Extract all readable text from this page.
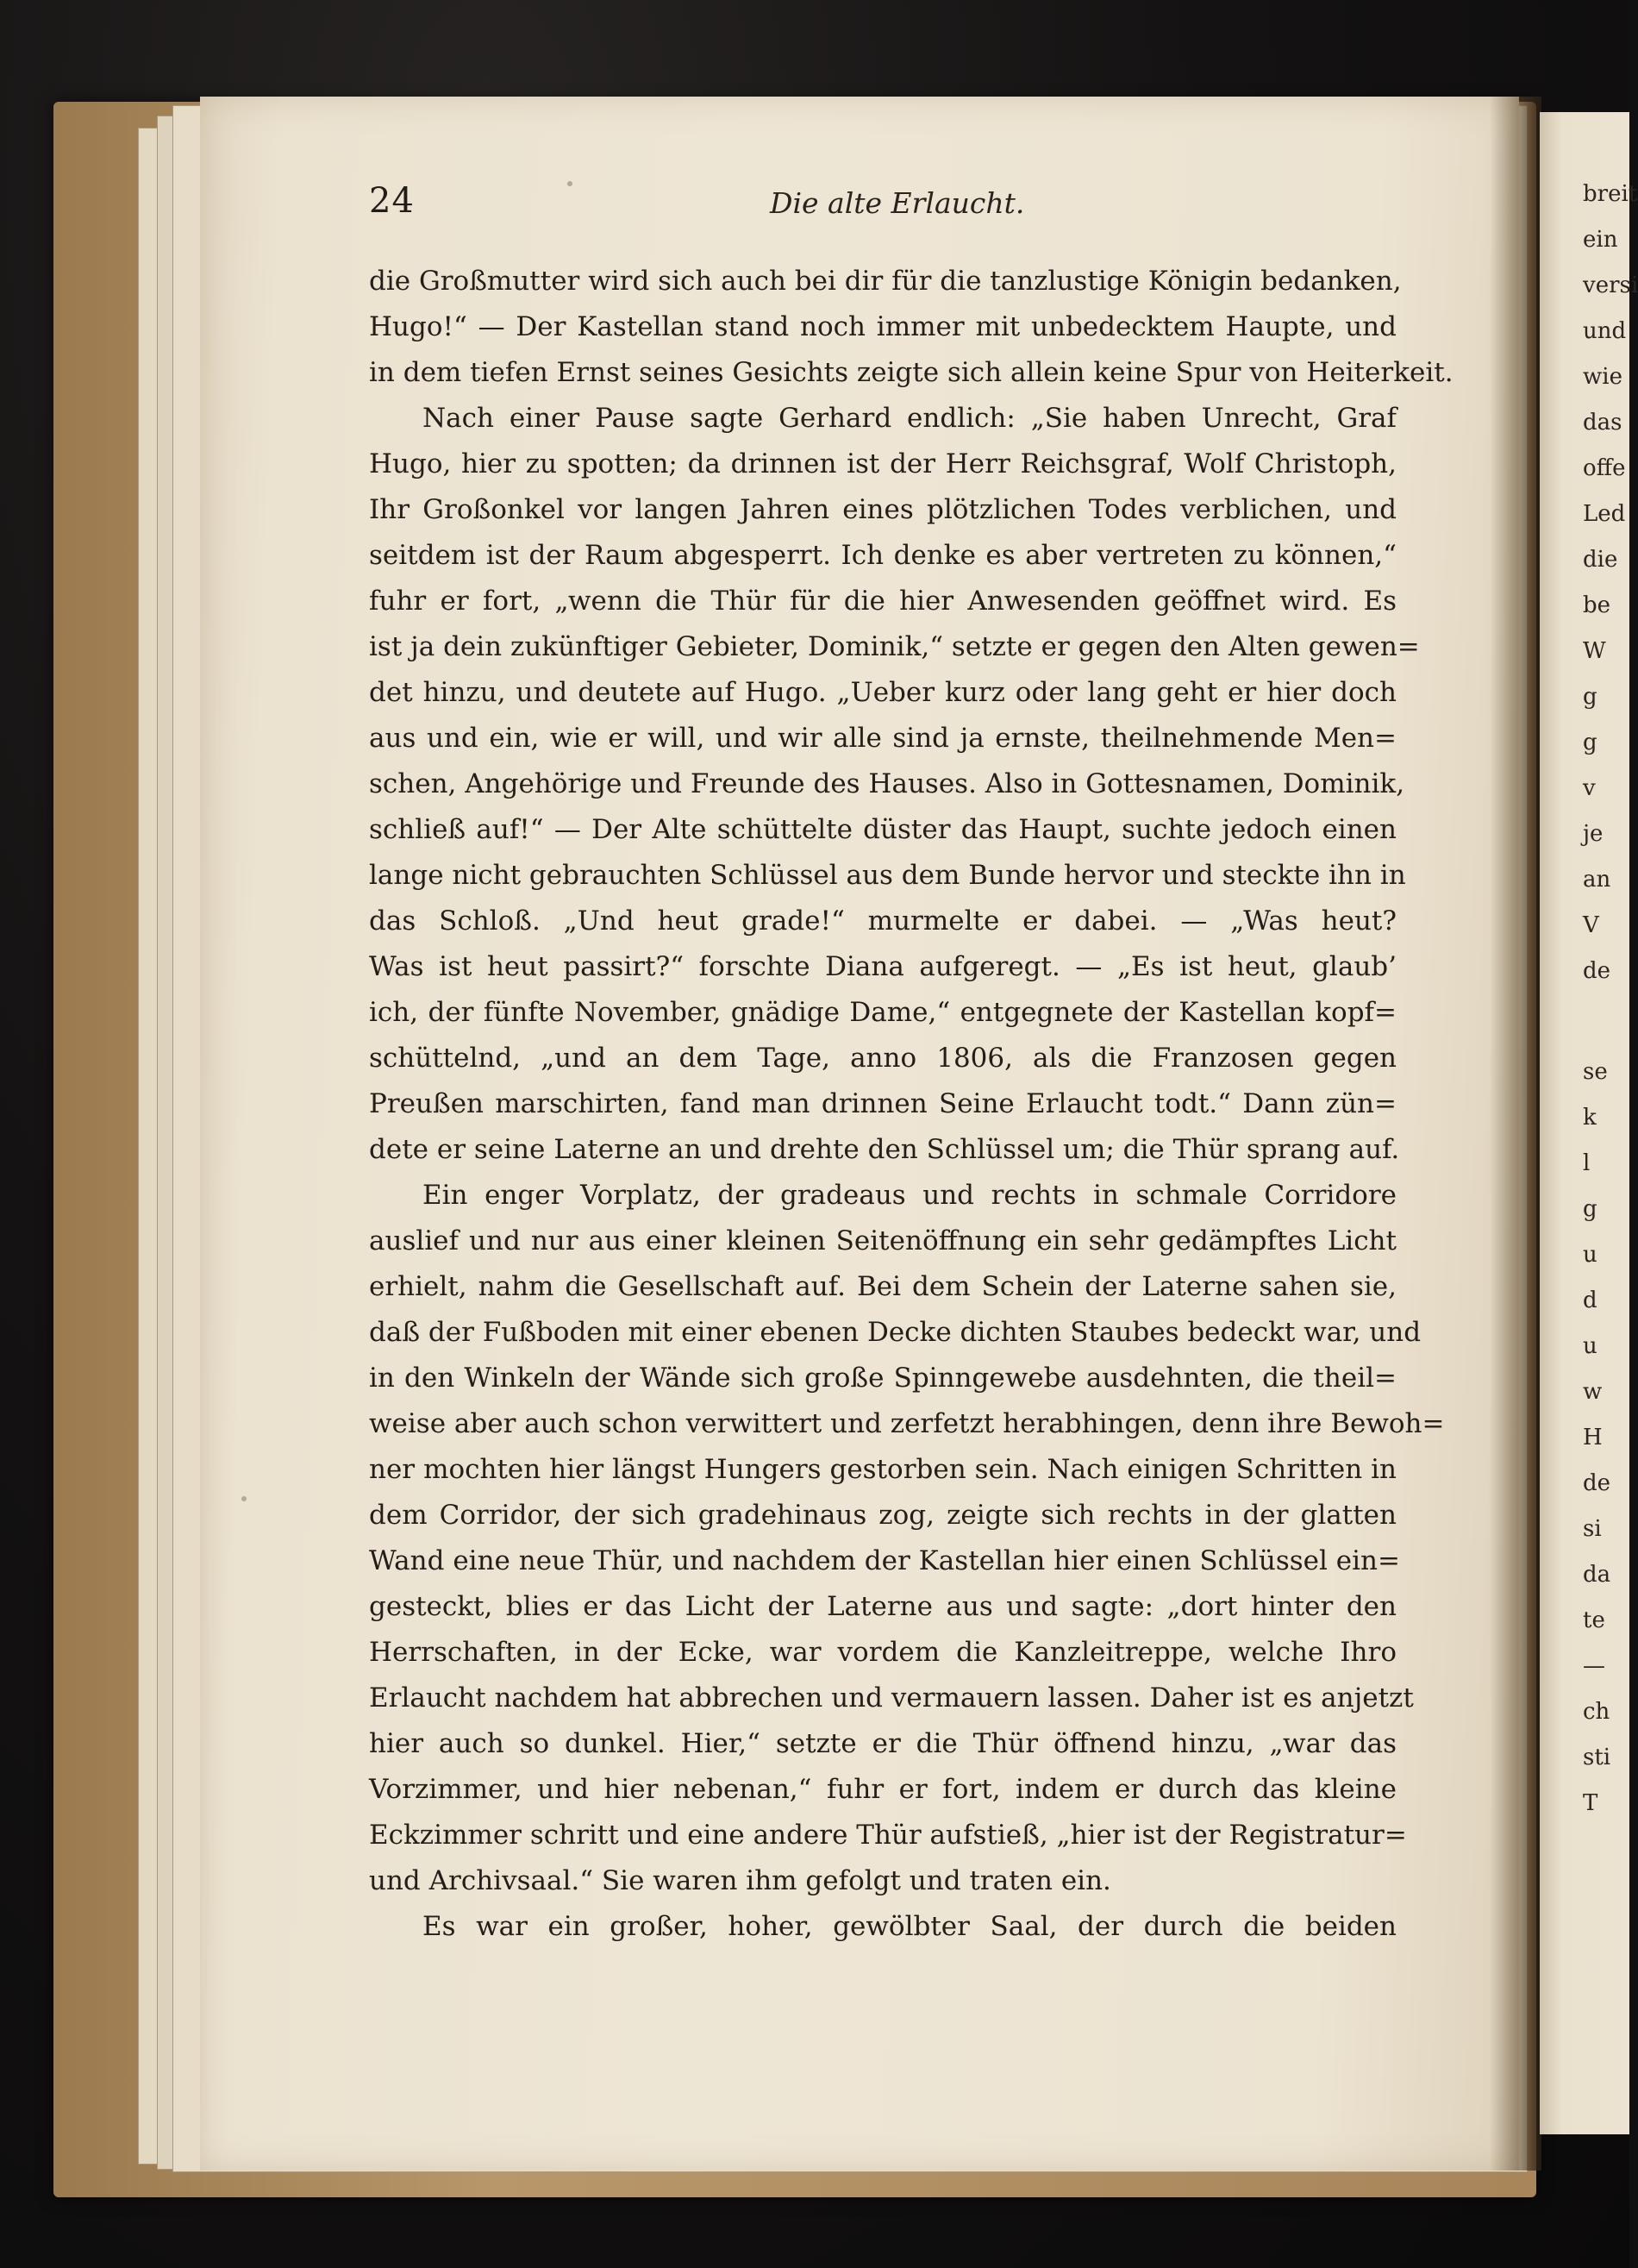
breit
ein
versi
und
wie
das
offe
Led
die
be
W
g
g
v
je
an
V
de
se
k
l
g
u
d
u
w
H
de
si
da
te
—
ch
sti
T
24	Die alte Erlaucht.
die Großmutter wird sich auch bei dir für die tanzlustige Königin bedanken,
Hugo!“ — Der Kastellan stand noch immer mit unbedecktem Haupte, und
in dem tiefen Ernst seines Gesichts zeigte sich allein keine Spur von Heiterkeit.
Nach einer Pause sagte Gerhard endlich: „Sie haben Unrecht, Graf
Hugo, hier zu spotten; da drinnen ist der Herr Reichsgraf, Wolf Christoph,
Ihr Großonkel vor langen Jahren eines plötzlichen Todes verblichen, und
seitdem ist der Raum abgesperrt. Ich denke es aber vertreten zu können,“
fuhr er fort, „wenn die Thür für die hier Anwesenden geöffnet wird. Es
ist ja dein zukünftiger Gebieter, Dominik,“ setzte er gegen den Alten gewen=
det hinzu, und deutete auf Hugo. „Ueber kurz oder lang geht er hier doch
aus und ein, wie er will, und wir alle sind ja ernste, theilnehmende Men=
schen, Angehörige und Freunde des Hauses. Also in Gottesnamen, Dominik,
schließ auf!“ — Der Alte schüttelte düster das Haupt, suchte jedoch einen
lange nicht gebrauchten Schlüssel aus dem Bunde hervor und steckte ihn in
das Schloß. „Und heut grade!“ murmelte er dabei. — „Was heut?
Was ist heut passirt?“ forschte Diana aufgeregt. — „Es ist heut, glaub’
ich, der fünfte November, gnädige Dame,“ entgegnete der Kastellan kopf=
schüttelnd, „und an dem Tage, anno 1806, als die Franzosen gegen
Preußen marschirten, fand man drinnen Seine Erlaucht todt.“ Dann zün=
dete er seine Laterne an und drehte den Schlüssel um; die Thür sprang auf.
Ein enger Vorplatz, der gradeaus und rechts in schmale Corridore
auslief und nur aus einer kleinen Seitenöffnung ein sehr gedämpftes Licht
erhielt, nahm die Gesellschaft auf. Bei dem Schein der Laterne sahen sie,
daß der Fußboden mit einer ebenen Decke dichten Staubes bedeckt war, und
in den Winkeln der Wände sich große Spinngewebe ausdehnten, die theil=
weise aber auch schon verwittert und zerfetzt herabhingen, denn ihre Bewoh=
ner mochten hier längst Hungers gestorben sein. Nach einigen Schritten in
dem Corridor, der sich gradehinaus zog, zeigte sich rechts in der glatten
Wand eine neue Thür, und nachdem der Kastellan hier einen Schlüssel ein=
gesteckt, blies er das Licht der Laterne aus und sagte: „dort hinter den
Herrschaften, in der Ecke, war vordem die Kanzleitreppe, welche Ihro
Erlaucht nachdem hat abbrechen und vermauern lassen. Daher ist es anjetzt
hier auch so dunkel. Hier,“ setzte er die Thür öffnend hinzu, „war das
Vorzimmer, und hier nebenan,“ fuhr er fort, indem er durch das kleine
Eckzimmer schritt und eine andere Thür aufstieß, „hier ist der Registratur=
und Archivsaal.“ Sie waren ihm gefolgt und traten ein.
Es war ein großer, hoher, gewölbter Saal, der durch die beiden
